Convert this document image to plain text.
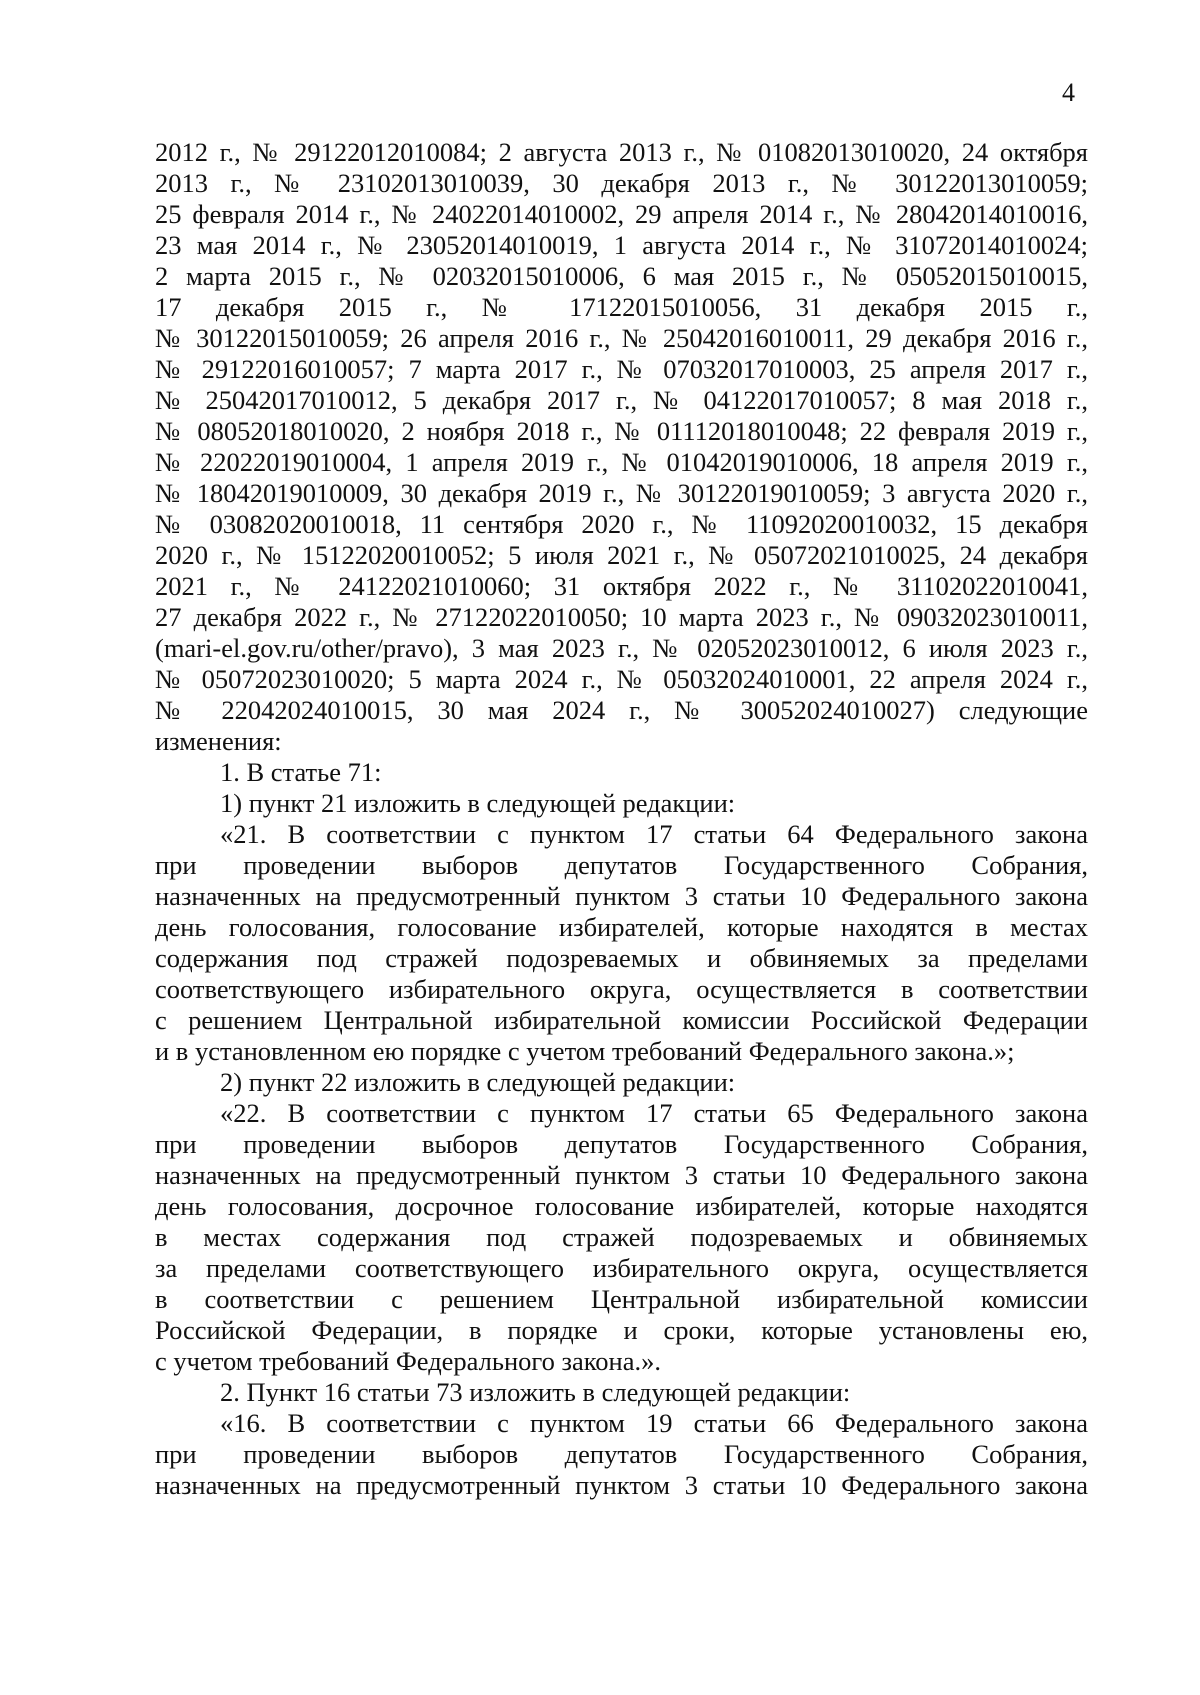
4
2012 г., № 29122012010084; 2 августа 2013 г., № 01082013010020, 24 октября
2013 г., № 23102013010039, 30 декабря 2013 г., № 30122013010059;
25 февраля 2014 г., № 24022014010002, 29 апреля 2014 г., № 28042014010016,
23 мая 2014 г., № 23052014010019, 1 августа 2014 г., № 31072014010024;
2 марта 2015 г., № 02032015010006, 6 мая 2015 г., № 05052015010015,
17 декабря 2015 г., № 17122015010056, 31 декабря 2015 г.,
№ 30122015010059; 26 апреля 2016 г., № 25042016010011, 29 декабря 2016 г.,
№ 29122016010057; 7 марта 2017 г., № 07032017010003, 25 апреля 2017 г.,
№ 25042017010012, 5 декабря 2017 г., № 04122017010057; 8 мая 2018 г.,
№ 08052018010020, 2 ноября 2018 г., № 01112018010048; 22 февраля 2019 г.,
№ 22022019010004, 1 апреля 2019 г., № 01042019010006, 18 апреля 2019 г.,
№ 18042019010009, 30 декабря 2019 г., № 30122019010059; 3 августа 2020 г.,
№ 03082020010018, 11 сентября 2020 г., № 11092020010032, 15 декабря
2020 г., № 15122020010052; 5 июля 2021 г., № 05072021010025, 24 декабря
2021 г., № 24122021010060; 31 октября 2022 г., № 31102022010041,
27 декабря 2022 г., № 27122022010050; 10 марта 2023 г., № 09032023010011,
(mari-el.gov.ru/other/pravo), 3 мая 2023 г., № 02052023010012, 6 июля 2023 г.,
№ 05072023010020; 5 марта 2024 г., № 05032024010001, 22 апреля 2024 г.,
№ 22042024010015, 30 мая 2024 г., № 30052024010027) следующие
изменения:
1. В статье 71:
1) пункт 21 изложить в следующей редакции:
«21. В соответствии с пунктом 17 статьи 64 Федерального закона
при проведении выборов депутатов Государственного Собрания,
назначенных на предусмотренный пунктом 3 статьи 10 Федерального закона
день голосования, голосование избирателей, которые находятся в местах
содержания под стражей подозреваемых и обвиняемых за пределами
соответствующего избирательного округа, осуществляется в соответствии
с решением Центральной избирательной комиссии Российской Федерации
и в установленном ею порядке с учетом требований Федерального закона.»;
2) пункт 22 изложить в следующей редакции:
«22. В соответствии с пунктом 17 статьи 65 Федерального закона
при проведении выборов депутатов Государственного Собрания,
назначенных на предусмотренный пунктом 3 статьи 10 Федерального закона
день голосования, досрочное голосование избирателей, которые находятся
в местах содержания под стражей подозреваемых и обвиняемых
за пределами соответствующего избирательного округа, осуществляется
в соответствии с решением Центральной избирательной комиссии
Российской Федерации, в порядке и сроки, которые установлены ею,
с учетом требований Федерального закона.».
2. Пункт 16 статьи 73 изложить в следующей редакции:
«16. В соответствии с пунктом 19 статьи 66 Федерального закона
при проведении выборов депутатов Государственного Собрания,
назначенных на предусмотренный пунктом 3 статьи 10 Федерального закона
